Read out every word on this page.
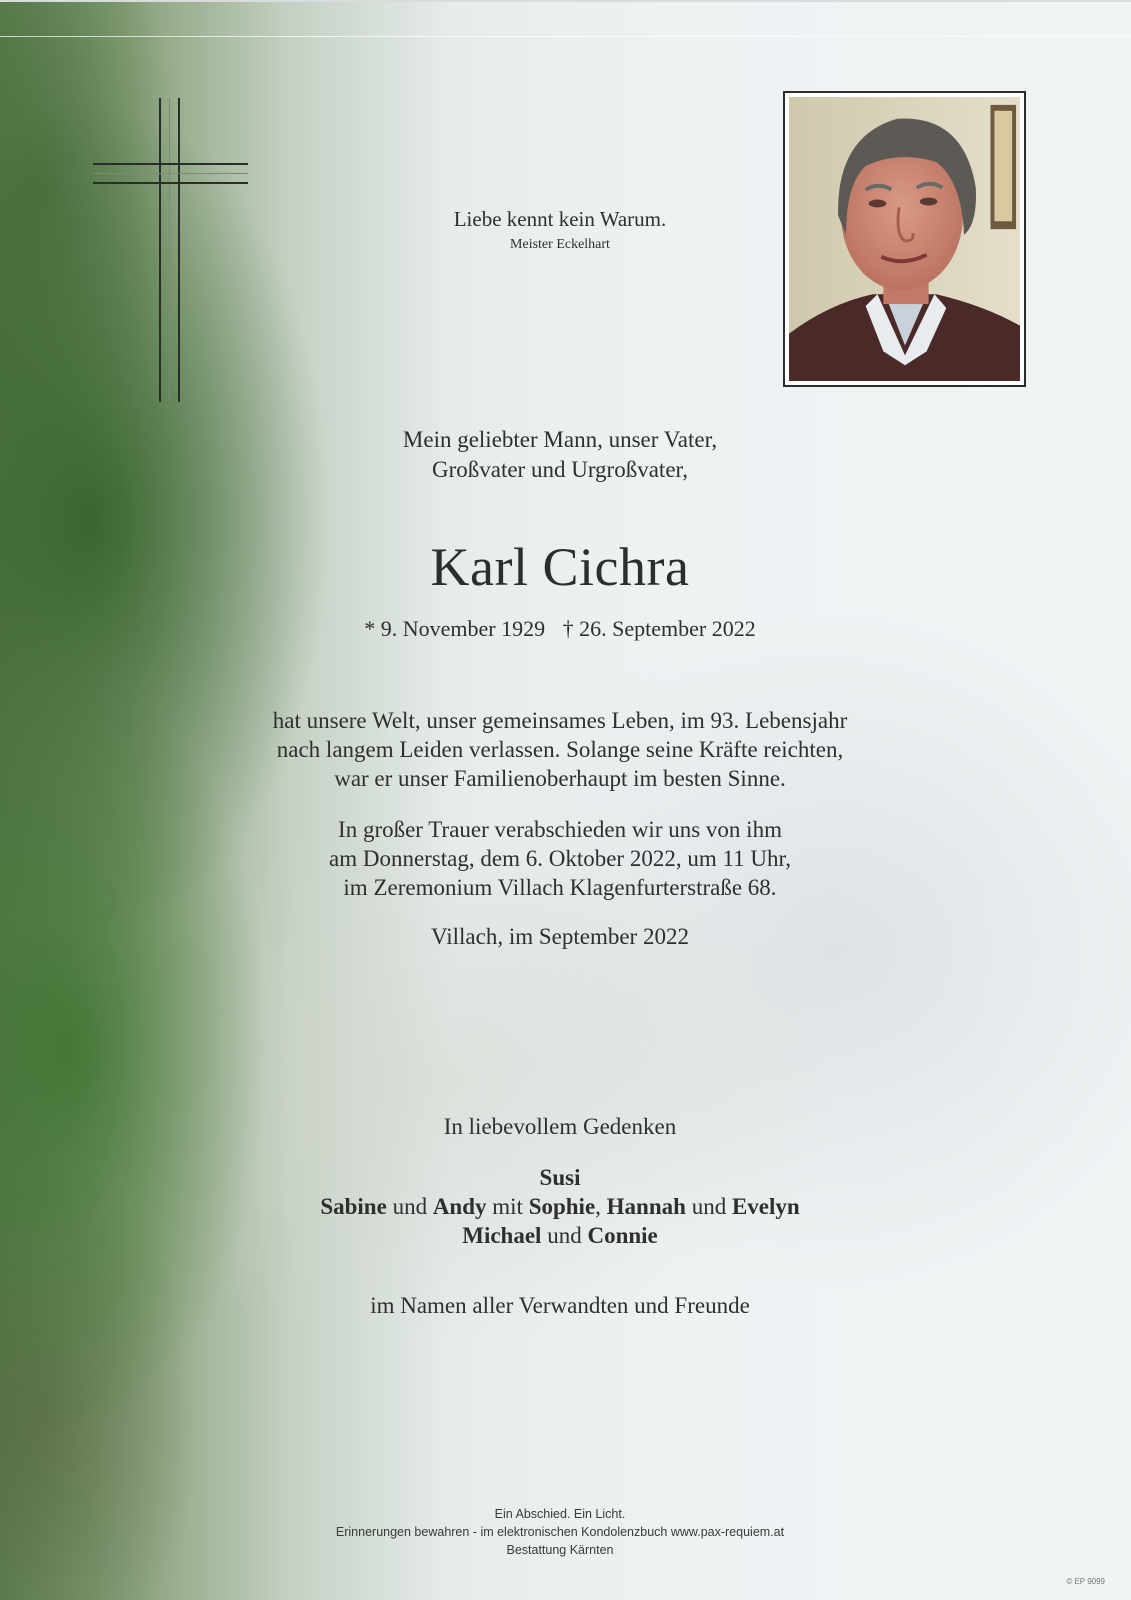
Liebe kennt kein Warum.
Meister Eckelhart
Mein geliebter Mann, unser Vater,
Großvater und Urgroßvater,
Karl Cichra
* 9. November 1929 † 26. September 2022
hat unsere Welt, unser gemeinsames Leben, im 93. Lebensjahr
nach langem Leiden verlassen. Solange seine Kräfte reichten,
war er unser Familienoberhaupt im besten Sinne.
In großer Trauer verabschieden wir uns von ihm
am Donnerstag, dem 6. Oktober 2022, um 11 Uhr,
im Zeremonium Villach Klagenfurterstraße 68.
Villach, im September 2022
In liebevollem Gedenken
Susi
Sabine und Andy mit Sophie, Hannah und Evelyn
Michael und Connie
im Namen aller Verwandten und Freunde
Ein Abschied. Ein Licht.
Erinnerungen bewahren - im elektronischen Kondolenzbuch www.pax-requiem.at
Bestattung Kärnten
© EP 9099
